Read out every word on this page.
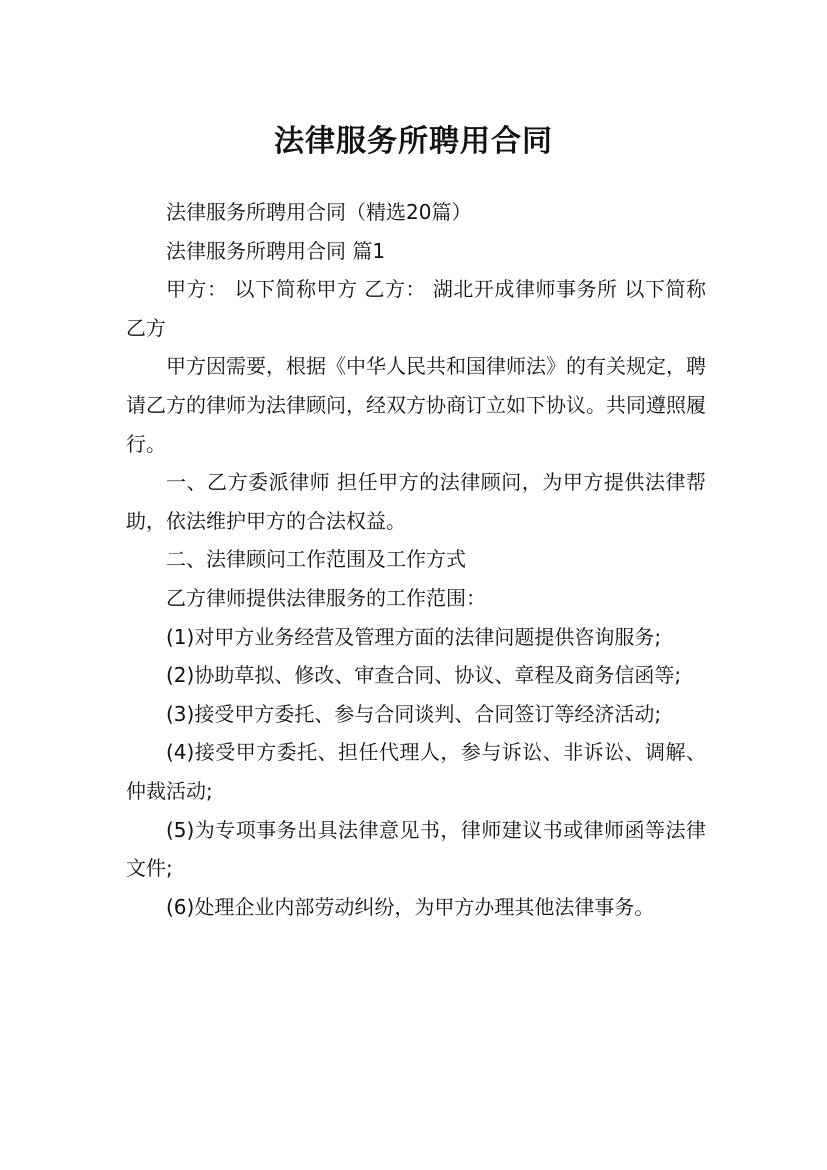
法律服务所聘用合同

法律服务所聘用合同（精选20篇）

法律服务所聘用合同 篇1

甲方： 以下简称甲方 乙方： 湖北开成律师事务所 以下简称乙方

甲方因需要，根据《中华人民共和国律师法》的有关规定，聘请乙方的律师为法律顾问，经双方协商订立如下协议。共同遵照履行。

一、乙方委派律师 担任甲方的法律顾问，为甲方提供法律帮助，依法维护甲方的合法权益。

二、法律顾问工作范围及工作方式

乙方律师提供法律服务的工作范围：

(1)对甲方业务经营及管理方面的法律问题提供咨询服务;

(2)协助草拟、修改、审查合同、协议、章程及商务信函等;

(3)接受甲方委托、参与合同谈判、合同签订等经济活动;

(4)接受甲方委托、担任代理人，参与诉讼、非诉讼、调解、仲裁活动;

(5)为专项事务出具法律意见书，律师建议书或律师函等法律文件;

(6)处理企业内部劳动纠纷，为甲方办理其他法律事务。
